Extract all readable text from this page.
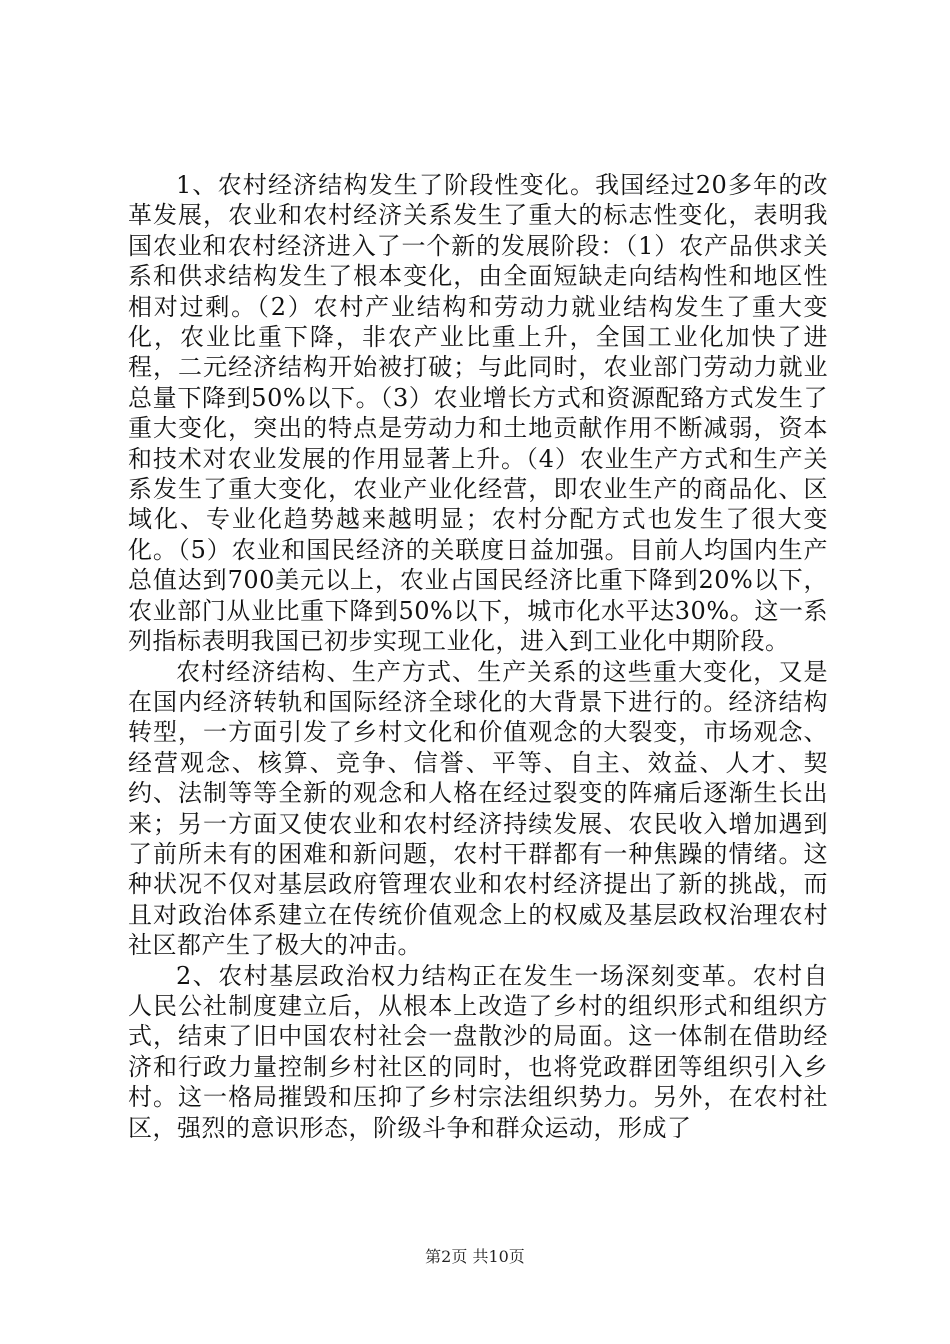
1、农村经济结构发生了阶段性变化。我国经过20多年的改革发展，农业和农村经济关系发生了重大的标志性变化，表明我国农业和农村经济进入了一个新的发展阶段：（1）农产品供求关系和供求结构发生了根本变化，由全面短缺走向结构性和地区性相对过剩。（2）农村产业结构和劳动力就业结构发生了重大变化，农业比重下降，非农产业比重上升，全国工业化加快了进程，二元经济结构开始被打破；与此同时，农业部门劳动力就业总量下降到50%以下。（3）农业增长方式和资源配臵方式发生了重大变化，突出的特点是劳动力和土地贡献作用不断减弱，资本和技术对农业发展的作用显著上升。（4）农业生产方式和生产关系发生了重大变化，农业产业化经营，即农业生产的商品化、区域化、专业化趋势越来越明显；农村分配方式也发生了很大变化。（5）农业和国民经济的关联度日益加强。目前人均国内生产总值达到700美元以上，农业占国民经济比重下降到20%以下，农业部门从业比重下降到50%以下，城市化水平达30%。这一系列指标表明我国已初步实现工业化，进入到工业化中期阶段。

农村经济结构、生产方式、生产关系的这些重大变化，又是在国内经济转轨和国际经济全球化的大背景下进行的。经济结构转型，一方面引发了乡村文化和价值观念的大裂变，市场观念、经营观念、核算、竞争、信誉、平等、自主、效益、人才、契约、法制等等全新的观念和人格在经过裂变的阵痛后逐渐生长出来；另一方面又使农业和农村经济持续发展、农民收入增加遇到了前所未有的困难和新问题，农村干群都有一种焦躁的情绪。这种状况不仅对基层政府管理农业和农村经济提出了新的挑战，而且对政治体系建立在传统价值观念上的权威及基层政权治理农村社区都产生了极大的冲击。

2、农村基层政治权力结构正在发生一场深刻变革。农村自人民公社制度建立后，从根本上改造了乡村的组织形式和组织方式，结束了旧中国农村社会一盘散沙的局面。这一体制在借助经济和行政力量控制乡村社区的同时，也将党政群团等组织引入乡村。这一格局摧毁和压抑了乡村宗法组织势力。另外，在农村社区，强烈的意识形态，阶级斗争和群众运动，形成了

第2页 共10页
